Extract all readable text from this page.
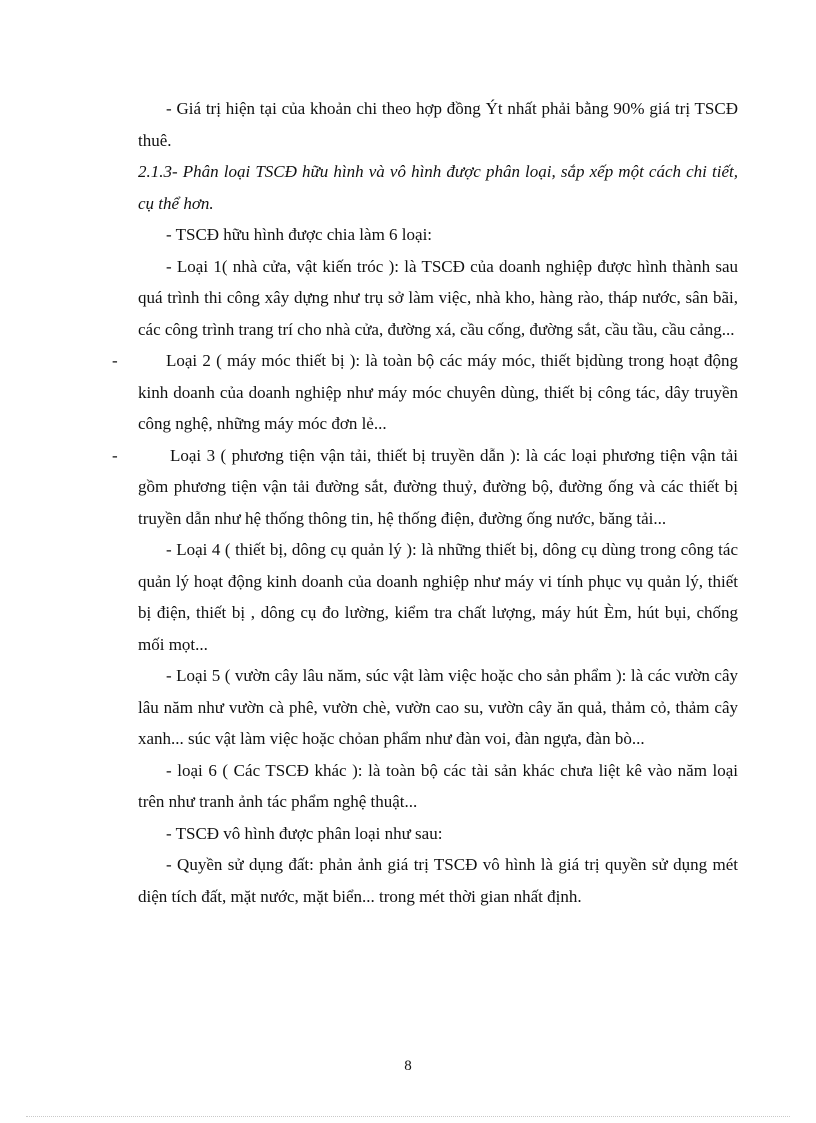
- Giá trị hiện tại của khoản chi theo hợp đồng Ýt nhất phải bằng 90% giá trị TSCĐ thuê.

2.1.3- Phân loại TSCĐ hữu hình và vô hình được phân loại, sắp xếp một cách chi tiết, cụ thể hơn.

- TSCĐ hữu hình được chia làm 6 loại:

- Loại 1( nhà cửa, vật kiến tróc ): là TSCĐ của doanh nghiệp được hình thành sau quá trình thi công xây dựng như trụ sở làm việc, nhà kho, hàng rào, tháp nước, sân bãi, các công trình trang trí cho nhà cửa, đường xá, cầu cống, đường sắt, cầu tầu, cầu cảng...

-	Loại 2 ( máy móc thiết bị ): là toàn bộ các máy móc, thiết bịdùng trong hoạt động kinh doanh của doanh nghiệp như máy móc chuyên dùng, thiết bị công tác, dây truyền công nghệ, những máy móc đơn lẻ...

-	Loại 3 ( phương tiện vận tải, thiết bị truyền dẫn ): là các loại phương tiện vận tải gồm phương tiện vận tải đường sắt, đường thuỷ, đường bộ, đường ống và các thiết bị truyền dẫn như hệ thống thông tin, hệ thống điện, đường ống nước, băng tải...

- Loại 4 ( thiết bị, dông cụ quản lý ): là những thiết bị, dông cụ dùng trong công tác quản lý hoạt động kinh doanh của doanh nghiệp như máy vi tính phục vụ quản lý, thiết bị điện, thiết bị , dông cụ đo lường, kiểm tra chất lượng, máy hút Èm, hút bụi, chống mối mọt...

- Loại 5 ( vườn cây lâu năm, súc vật làm việc hoặc cho sản phẩm ): là các vườn cây lâu năm như vườn cà phê, vườn chè, vườn cao su, vườn cây ăn quả, thảm cỏ, thảm cây xanh... súc vật làm việc hoặc chỏan phẩm như đàn voi, đàn ngựa, đàn bò...

- loại 6 ( Các TSCĐ khác ): là toàn bộ các tài sản khác chưa liệt kê vào năm loại trên như tranh ảnh tác phẩm nghệ thuật...

- TSCĐ vô hình được phân loại như sau:

- Quyền sử dụng đất: phản ảnh giá trị TSCĐ vô hình là giá trị quyền sử dụng mét diện tích đất, mặt nước, mặt biển... trong mét thời gian nhất định.

8
